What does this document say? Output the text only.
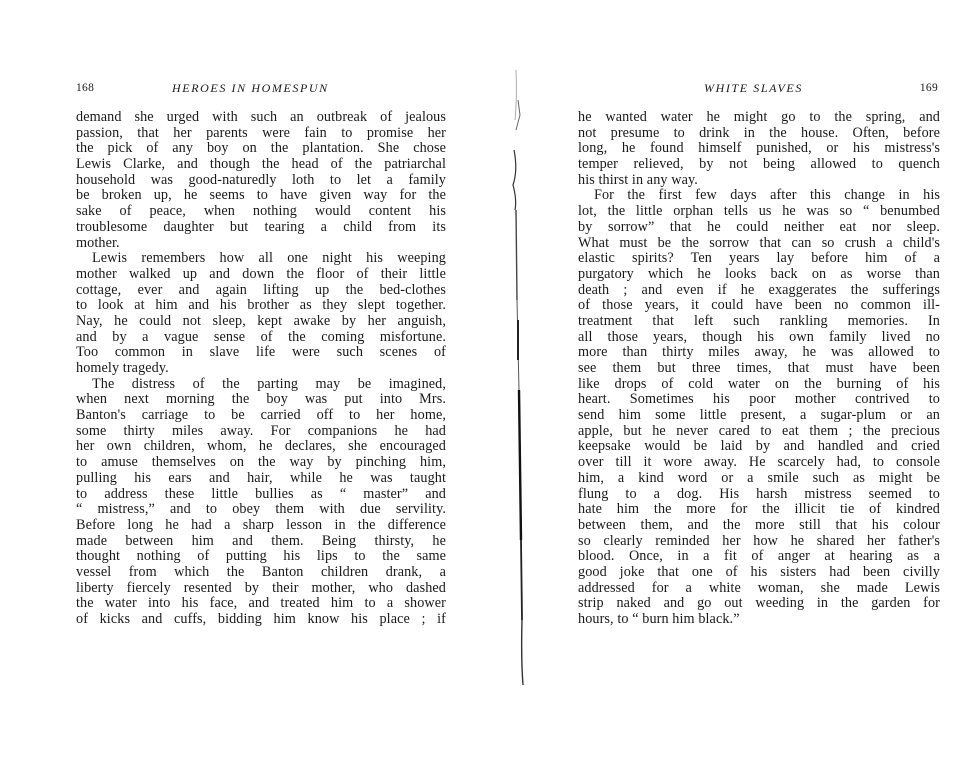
168	HEROES IN HOMESPUN
demand she urged with such an outbreak of jealous
passion, that her parents were fain to promise her
the pick of any boy on the plantation. She chose
Lewis Clarke, and though the head of the patriarchal
household was good-naturedly loth to let a family
be broken up, he seems to have given way for the
sake of peace, when nothing would content his
troublesome daughter but tearing a child from its
mother.
Lewis remembers how all one night his weeping
mother walked up and down the floor of their little
cottage, ever and again lifting up the bed-clothes
to look at him and his brother as they slept together.
Nay, he could not sleep, kept awake by her anguish,
and by a vague sense of the coming misfortune.
Too common in slave life were such scenes of
homely tragedy.
The distress of the parting may be imagined,
when next morning the boy was put into Mrs.
Banton's carriage to be carried off to her home,
some thirty miles away. For companions he had
her own children, whom, he declares, she encouraged
to amuse themselves on the way by pinching him,
pulling his ears and hair, while he was taught
to address these little bullies as “ master” and
“ mistress,” and to obey them with due servility.
Before long he had a sharp lesson in the difference
made between him and them. Being thirsty, he
thought nothing of putting his lips to the same
vessel from which the Banton children drank, a
liberty fiercely resented by their mother, who dashed
the water into his face, and treated him to a shower
of kicks and cuffs, bidding him know his place ; if
WHITE SLAVES	169
he wanted water he might go to the spring, and
not presume to drink in the house. Often, before
long, he found himself punished, or his mistress's
temper relieved, by not being allowed to quench
his thirst in any way.
For the first few days after this change in his
lot, the little orphan tells us he was so “ benumbed
by sorrow” that he could neither eat nor sleep.
What must be the sorrow that can so crush a child's
elastic spirits? Ten years lay before him of a
purgatory which he looks back on as worse than
death ; and even if he exaggerates the sufferings
of those years, it could have been no common ill-
treatment that left such rankling memories. In
all those years, though his own family lived no
more than thirty miles away, he was allowed to
see them but three times, that must have been
like drops of cold water on the burning of his
heart. Sometimes his poor mother contrived to
send him some little present, a sugar-plum or an
apple, but he never cared to eat them ; the precious
keepsake would be laid by and handled and cried
over till it wore away. He scarcely had, to console
him, a kind word or a smile such as might be
flung to a dog. His harsh mistress seemed to
hate him the more for the illicit tie of kindred
between them, and the more still that his colour
so clearly reminded her how he shared her father's
blood. Once, in a fit of anger at hearing as a
good joke that one of his sisters had been civilly
addressed for a white woman, she made Lewis
strip naked and go out weeding in the garden for
hours, to “ burn him black.”
